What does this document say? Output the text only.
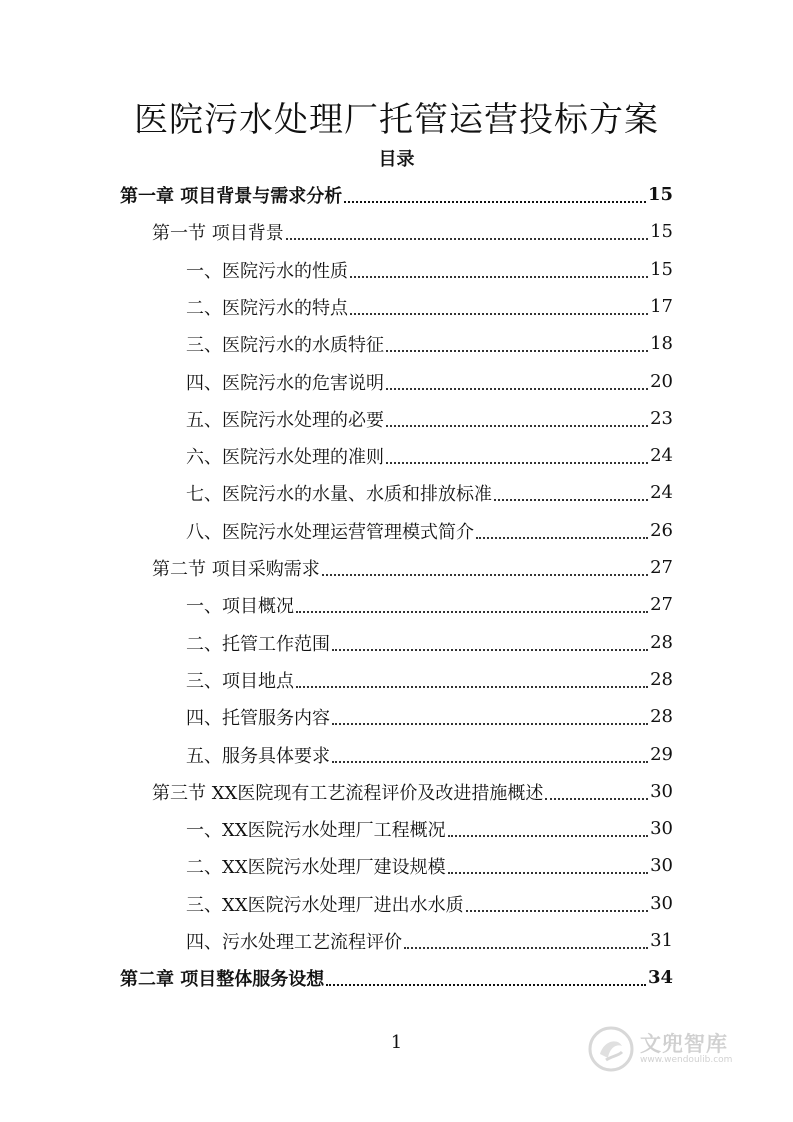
医院污水处理厂托管运营投标方案
目录
第一章 项目背景与需求分析	15
第一节 项目背景	15
一、医院污水的性质	15
二、医院污水的特点	17
三、医院污水的水质特征	18
四、医院污水的危害说明	20
五、医院污水处理的必要	23
六、医院污水处理的准则	24
七、医院污水的水量、水质和排放标准	24
八、医院污水处理运营管理模式简介	26
第二节 项目采购需求	27
一、项目概况	27
二、托管工作范围	28
三、项目地点	28
四、托管服务内容	28
五、服务具体要求	29
第三节 XX医院现有工艺流程评价及改进措施概述	30
一、XX医院污水处理厂工程概况	30
二、XX医院污水处理厂建设规模	30
三、XX医院污水处理厂进出水水质	30
四、污水处理工艺流程评价	31
第二章 项目整体服务设想	34
1	文兜智库
www.wendoulib.com
